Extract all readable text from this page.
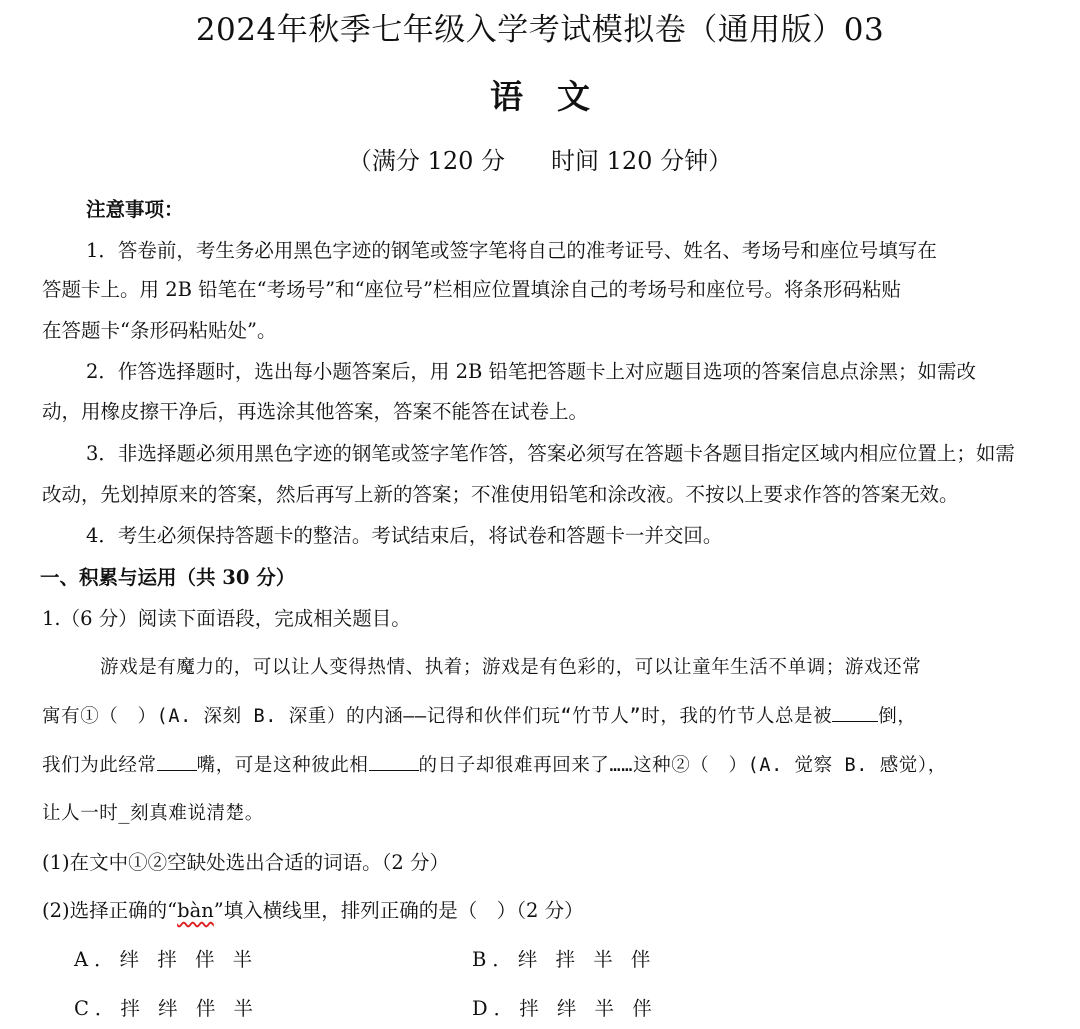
2024年秋季七年级入学考试模拟卷（通用版）03
语文
（满分 120 分 时间 120 分钟）
注意事项：
1．答卷前，考生务必用黑色字迹的钢笔或签字笔将自己的准考证号、姓名、考场号和座位号填写在
答题卡上。用 2B 铅笔在“考场号”和“座位号”栏相应位置填涂自己的考场号和座位号。将条形码粘贴
在答题卡“条形码粘贴处”。
2．作答选择题时，选出每小题答案后，用 2B 铅笔把答题卡上对应题目选项的答案信息点涂黑；如需改
动，用橡皮擦干净后，再选涂其他答案，答案不能答在试卷上。
3．非选择题必须用黑色字迹的钢笔或签字笔作答，答案必须写在答题卡各题目指定区域内相应位置上；如需
改动，先划掉原来的答案，然后再写上新的答案；不准使用铅笔和涂改液。不按以上要求作答的答案无效。
4．考生必须保持答题卡的整洁。考试结束后，将试卷和答题卡一并交回。
一、积累与运用（共 30 分）
1.（6 分）阅读下面语段，完成相关题目。
游戏是有魔力的，可以让人变得热情、执着；游戏是有色彩的，可以让童年生活不单调；游戏还常
寓有①（　）(A. 深刻 B. 深重）的内涵——记得和伙伴们玩“竹节人”时，我的竹节人总是被 倒，
我们为此经常 嘴，可是这种彼此相	的日子却很难再回来了……这种②（　）(A. 觉察 B. 感觉），
让人一时_刻真难说清楚。
(1)在文中①②空缺处选出合适的词语。（2 分）
(2)选择正确的“bàn”填入横线里，排列正确的是（　）（2 分）
A．绊 拌 伴 半	B．绊 拌 半 伴
C．拌 绊 伴 半	D．拌 绊 半 伴
